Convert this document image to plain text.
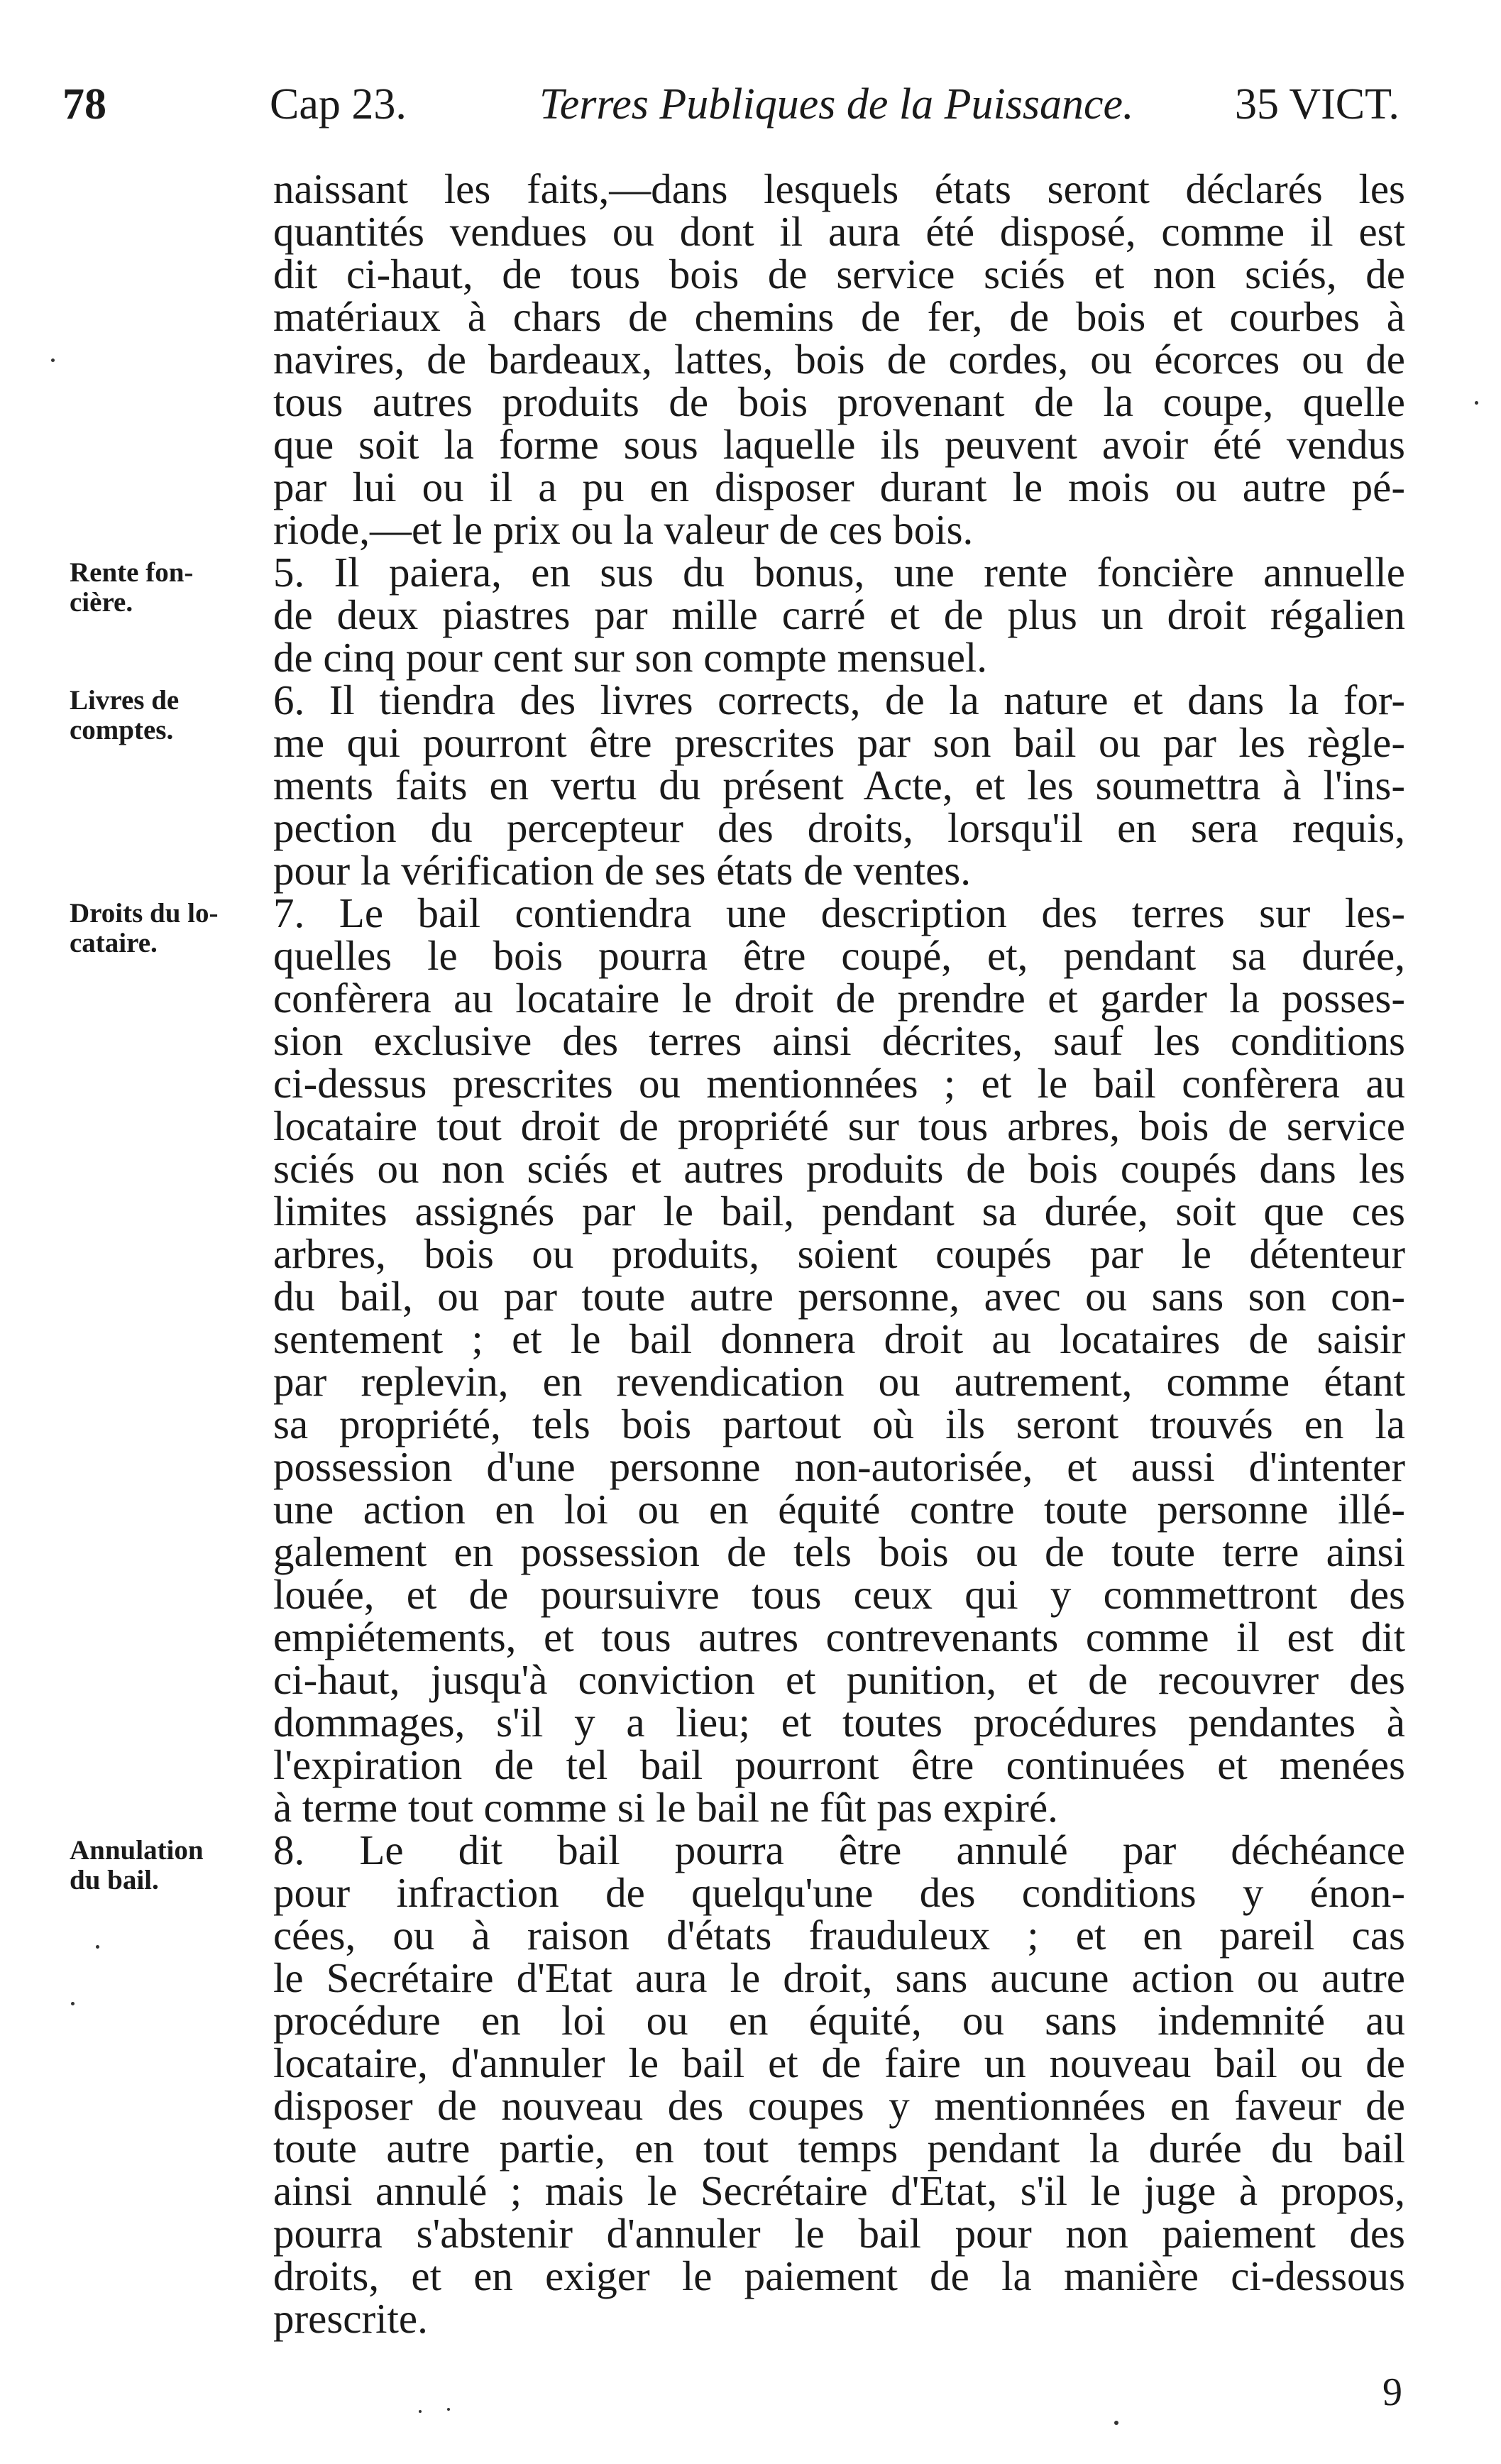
78	Cap 23.	Terres Publiques de la Puissance. 35 VICT.
naissant les faits,—dans lesquels états seront déclarés les
quantités vendues ou dont il aura été disposé, comme il est
dit ci-haut, de tous bois de service sciés et non sciés, de
matériaux à chars de chemins de fer, de bois et courbes à
navires, de bardeaux, lattes, bois de cordes, ou écorces ou de
tous autres produits de bois provenant de la coupe, quelle
que soit la forme sous laquelle ils peuvent avoir été vendus
par lui ou il a pu en disposer durant le mois ou autre pé-
riode,—et le prix ou la valeur de ces bois.
5. Il paiera, en sus du bonus, une rente foncière annuelle
de deux piastres par mille carré et de plus un droit régalien
de cinq pour cent sur son compte mensuel.
6. Il tiendra des livres corrects, de la nature et dans la for-
me qui pourront être prescrites par son bail ou par les règle-
ments faits en vertu du présent Acte, et les soumettra à l'ins-
pection du percepteur des droits, lorsqu'il en sera requis,
pour la vérification de ses états de ventes.
7. Le bail contiendra une description des terres sur les-
quelles le bois pourra être coupé, et, pendant sa durée,
confèrera au locataire le droit de prendre et garder la posses-
sion exclusive des terres ainsi décrites, sauf les conditions
ci-dessus prescrites ou mentionnées ; et le bail confèrera au
locataire tout droit de propriété sur tous arbres, bois de service
sciés ou non sciés et autres produits de bois coupés dans les
limites assignés par le bail, pendant sa durée, soit que ces
arbres, bois ou produits, soient coupés par le détenteur
du bail, ou par toute autre personne, avec ou sans son con-
sentement ; et le bail donnera droit au locataires de saisir
par replevin, en revendication ou autrement, comme étant
sa propriété, tels bois partout où ils seront trouvés en la
possession d'une personne non-autorisée, et aussi d'intenter
une action en loi ou en équité contre toute personne illé-
galement en possession de tels bois ou de toute terre ainsi
louée, et de poursuivre tous ceux qui y commettront des
empiétements, et tous autres contrevenants comme il est dit
ci-haut, jusqu'à conviction et punition, et de recouvrer des
dommages, s'il y a lieu; et toutes procédures pendantes à
l'expiration de tel bail pourront être continuées et menées
à terme tout comme si le bail ne fût pas expiré.
8. Le dit bail pourra être annulé par déchéance
pour infraction de quelqu'une des conditions y énon-
cées, ou à raison d'états frauduleux ; et en pareil cas
le Secrétaire d'Etat aura le droit, sans aucune action ou autre
procédure en loi ou en équité, ou sans indemnité au
locataire, d'annuler le bail et de faire un nouveau bail ou de
disposer de nouveau des coupes y mentionnées en faveur de
toute autre partie, en tout temps pendant la durée du bail
ainsi annulé ; mais le Secrétaire d'Etat, s'il le juge à propos,
pourra s'abstenir d'annuler le bail pour non paiement des
droits, et en exiger le paiement de la manière ci-dessous
prescrite.
Rente fon-
cière.
Livres de
comptes.
Droits du lo-
cataire.
Annulation
du bail.
9
